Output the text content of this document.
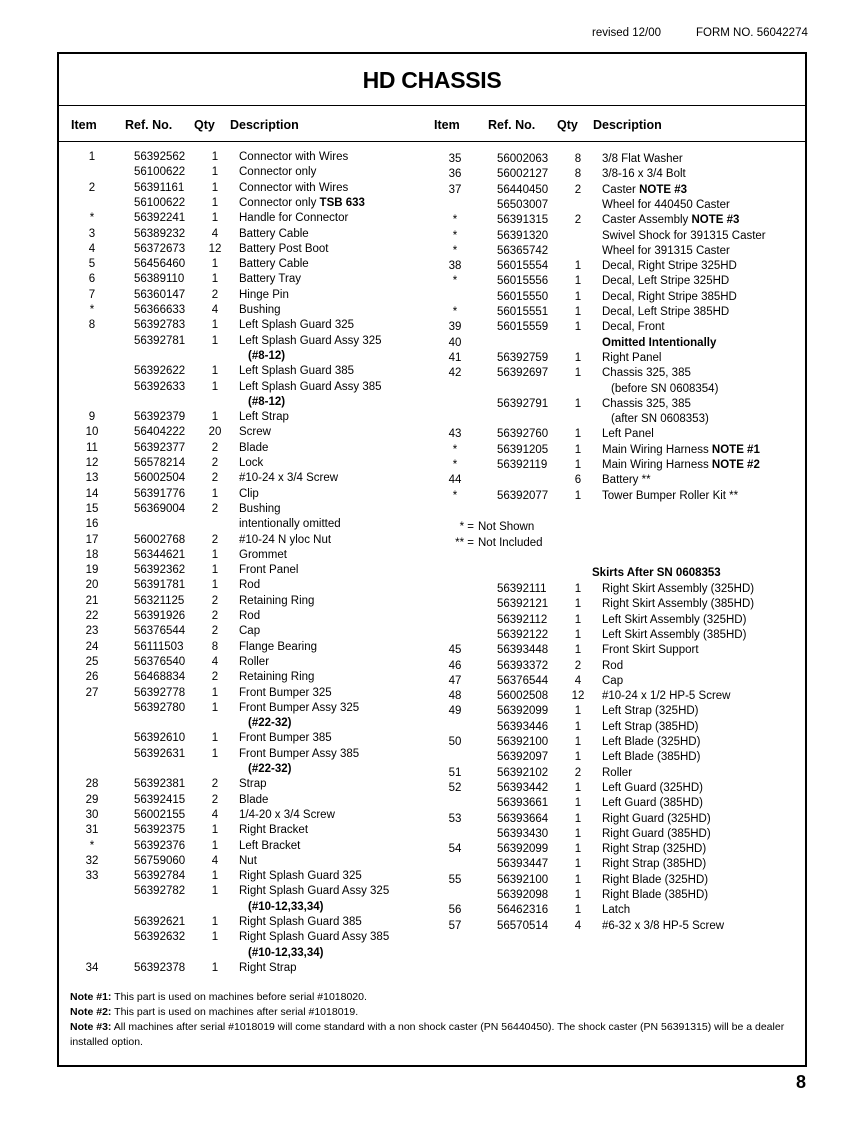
revised 12/00	FORM NO. 56042274
HD CHASSIS
Item Ref. No. Qty Description	Item Ref. No. Qty Description
1	56392562	1	Connector with Wires
56100622	1	Connector only
2	56391161	1	Connector with Wires
56100622	1	Connector only TSB 633
*	56392241	1	Handle for Connector
3	56389232	4	Battery Cable
4	56372673	12	Battery Post Boot
5	56456460	1	Battery Cable
6	56389110	1	Battery Tray
7	56360147	2	Hinge Pin
*	56366633	4	Bushing
8	56392783	1	Left Splash Guard 325
56392781	1	Left Splash Guard Assy 325
(#8-12)
56392622	1	Left Splash Guard 385
56392633	1	Left Splash Guard Assy 385
(#8-12)
9	56392379	1	Left Strap
10	56404222	20	Screw
11	56392377	2	Blade
12	56578214	2	Lock
13	56002504	2	#10-24 x 3/4 Screw
14	56391776	1	Clip
15	56369004	2	Bushing
16	intentionally omitted
17	56002768	2	#10-24 N yloc Nut
18	56344621	1	Grommet
19	56392362	1	Front Panel
20	56391781	1	Rod
21	56321125	2	Retaining Ring
22	56391926	2	Rod
23	56376544	2	Cap
24	56111503	8	Flange Bearing
25	56376540	4	Roller
26	56468834	2	Retaining Ring
27	56392778	1	Front Bumper 325
56392780	1	Front Bumper Assy 325
(#22-32)
56392610	1	Front Bumper 385
56392631	1	Front Bumper Assy 385
(#22-32)
28	56392381	2	Strap
29	56392415	2	Blade
30	56002155	4	1/4-20 x 3/4 Screw
31	56392375	1	Right Bracket
*	56392376	1	Left Bracket
32	56759060	4	Nut
33	56392784	1	Right Splash Guard 325
56392782	1	Right Splash Guard Assy 325
(#10-12,33,34)
56392621	1	Right Splash Guard 385
56392632	1	Right Splash Guard Assy 385
(#10-12,33,34)
34	56392378	1	Right Strap
35	56002063	8	3/8 Flat Washer
36	56002127	8	3/8-16 x 3/4 Bolt
37	56440450	2	Caster NOTE #3
56503007	Wheel for 440450 Caster
*	56391315	2	Caster Assembly NOTE #3
*	56391320	Swivel Shock for 391315 Caster
*	56365742	Wheel for 391315 Caster
38	56015554	1	Decal, Right Stripe 325HD
*	56015556	1	Decal, Left Stripe 325HD
56015550	1	Decal, Right Stripe 385HD
*	56015551	1	Decal, Left Stripe 385HD
39	56015559	1	Decal, Front
40	Omitted Intentionally
41	56392759	1	Right Panel
42	56392697	1	Chassis 325, 385
(before SN 0608354)
56392791	1	Chassis 325, 385
(after SN 0608353)
43	56392760	1	Left Panel
*	56391205	1	Main Wiring Harness NOTE #1
*	56392119	1	Main Wiring Harness NOTE #2
44	6	Battery **
*	56392077	1	Tower Bumper Roller Kit **
* = Not Shown
** = Not Included
Skirts After SN 0608353
56392111	1	Right Skirt Assembly (325HD)
56392121	1	Right Skirt Assembly (385HD)
56392112	1	Left Skirt Assembly (325HD)
56392122	1	Left Skirt Assembly (385HD)
45	56393448	1	Front Skirt Support
46	56393372	2	Rod
47	56376544	4	Cap
48	56002508	12	#10-24 x 1/2 HP-5 Screw
49	56392099	1	Left Strap (325HD)
56393446	1	Left Strap (385HD)
50	56392100	1	Left Blade (325HD)
56392097	1	Left Blade (385HD)
51	56392102	2	Roller
52	56393442	1	Left Guard (325HD)
56393661	1	Left Guard (385HD)
53	56393664	1	Right Guard (325HD)
56393430	1	Right Guard (385HD)
54	56392099	1	Right Strap (325HD)
56393447	1	Right Strap (385HD)
55	56392100	1	Right Blade (325HD)
56392098	1	Right Blade (385HD)
56	56462316	1	Latch
57	56570514	4	#6-32 x 3/8 HP-5 Screw
Note #1: This part is used on machines before serial #1018020.
Note #2: This part is used on machines after serial #1018019.
Note #3: All machines after serial #1018019 will come standard with a non shock caster (PN 56440450). The shock caster (PN 56391315) will be a dealer installed option.
8
